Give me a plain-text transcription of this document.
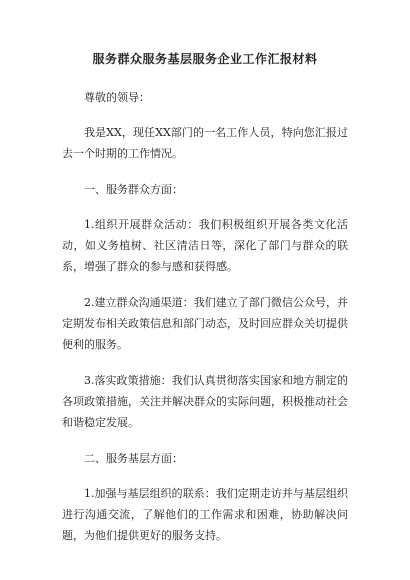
服务群众服务基层服务企业工作汇报材料
尊敬的领导：
我是XX，现任XX部门的一名工作人员，特向您汇报过去一个时期的工作情况。
一、服务群众方面：
1.组织开展群众活动：我们积极组织开展各类文化活动，如义务植树、社区清洁日等，深化了部门与群众的联系，增强了群众的参与感和获得感。
2.建立群众沟通渠道：我们建立了部门微信公众号，并定期发布相关政策信息和部门动态，及时回应群众关切提供便利的服务。
3.落实政策措施：我们认真贯彻落实国家和地方制定的各项政策措施，关注并解决群众的实际问题，积极推动社会和谐稳定发展。
二、服务基层方面：
1.加强与基层组织的联系：我们定期走访并与基层组织进行沟通交流，了解他们的工作需求和困难，协助解决问题，为他们提供更好的服务支持。
